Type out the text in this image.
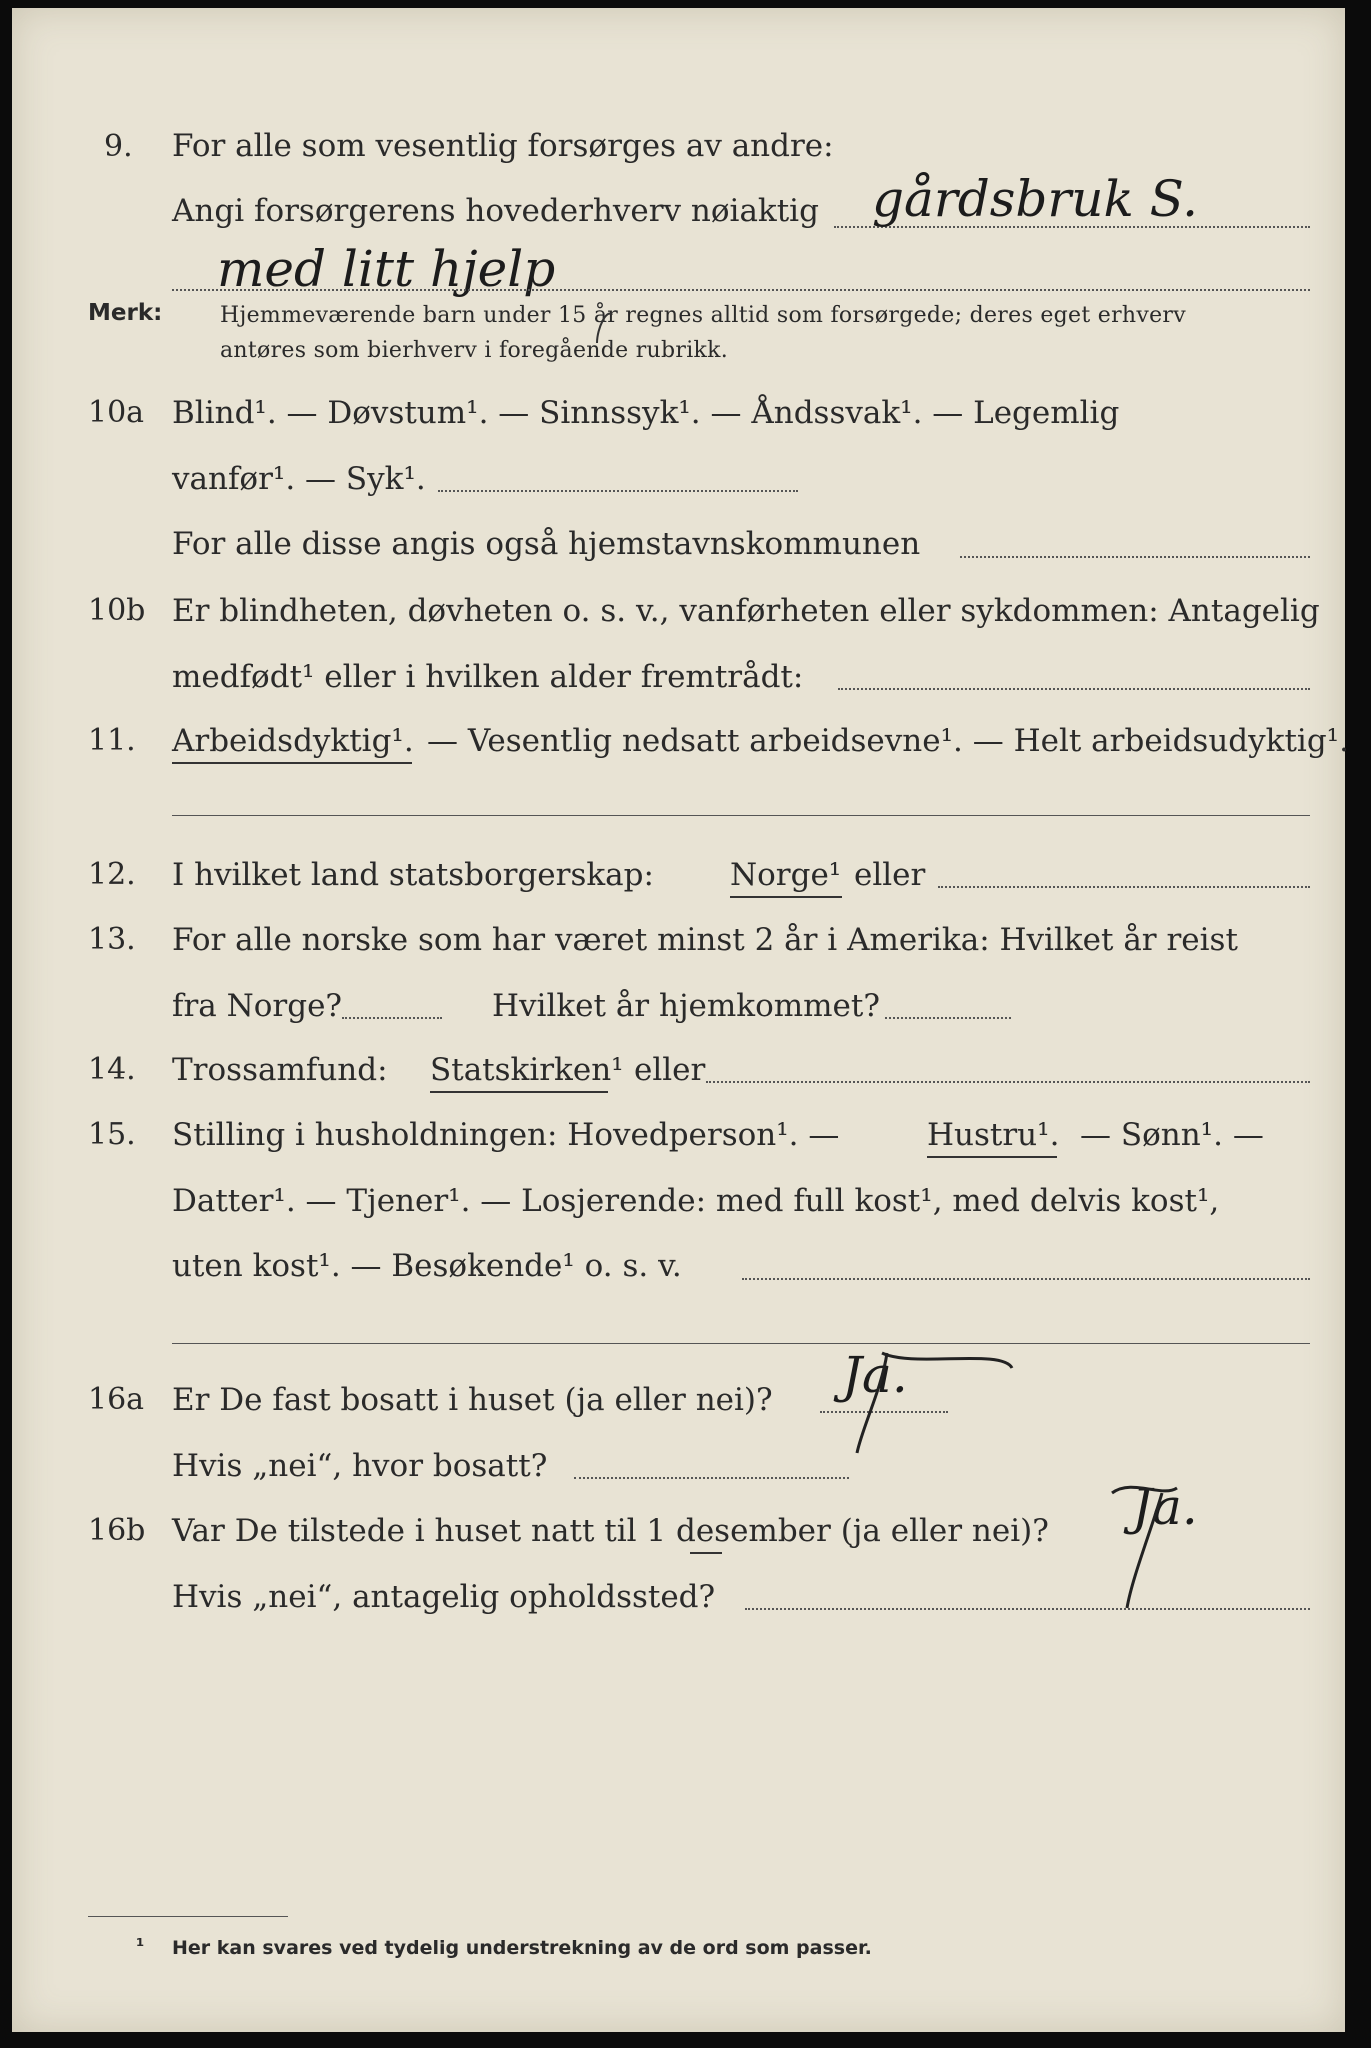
9. For alle som vesentlig forsørges av andre:
Angi forsørgerens hovederhverv nøiaktig gårdsbruk S.
med litt hjelp
Merk:	Hjemmeværende barn under 15 år regnes alltid som forsørgede; deres eget erhverv
antøres som bierhverv i foregående rubrikk.
10a Blind¹. — Døvstum¹. — Sinnssyk¹. — Åndssvak¹. — Legemlig
vanfør¹. — Syk¹.
For alle disse angis også hjemstavnskommunen
10b Er blindheten, døvheten o. s. v., vanførheten eller sykdommen: Antagelig
medfødt¹ eller i hvilken alder fremtrådt:
11. Arbeidsdyktig¹. — Vesentlig nedsatt arbeidsevne¹. — Helt arbeidsudyktig¹.
12. I hvilket land statsborgerskap: Norge¹ eller
13. For alle norske som har været minst 2 år i Amerika: Hvilket år reist
fra Norge?	Hvilket år hjemkommet?
14. Trossamfund: Statskirken¹ eller
15. Stilling i husholdningen: Hovedperson¹. —	Hustru¹. — Sønn¹. —
Datter¹. — Tjener¹. — Losjerende: med full kost¹, med delvis kost¹,
uten kost¹. — Besøkende¹ o. s. v.
16a Er De fast bosatt i huset (ja eller nei)? Ja.
Hvis „nei“, hvor bosatt?
16b Var De tilstede i huset natt til 1 desember (ja eller nei)? Ja.
Hvis „nei“, antagelig opholdssted?
¹ Her kan svares ved tydelig understrekning av de ord som passer.
